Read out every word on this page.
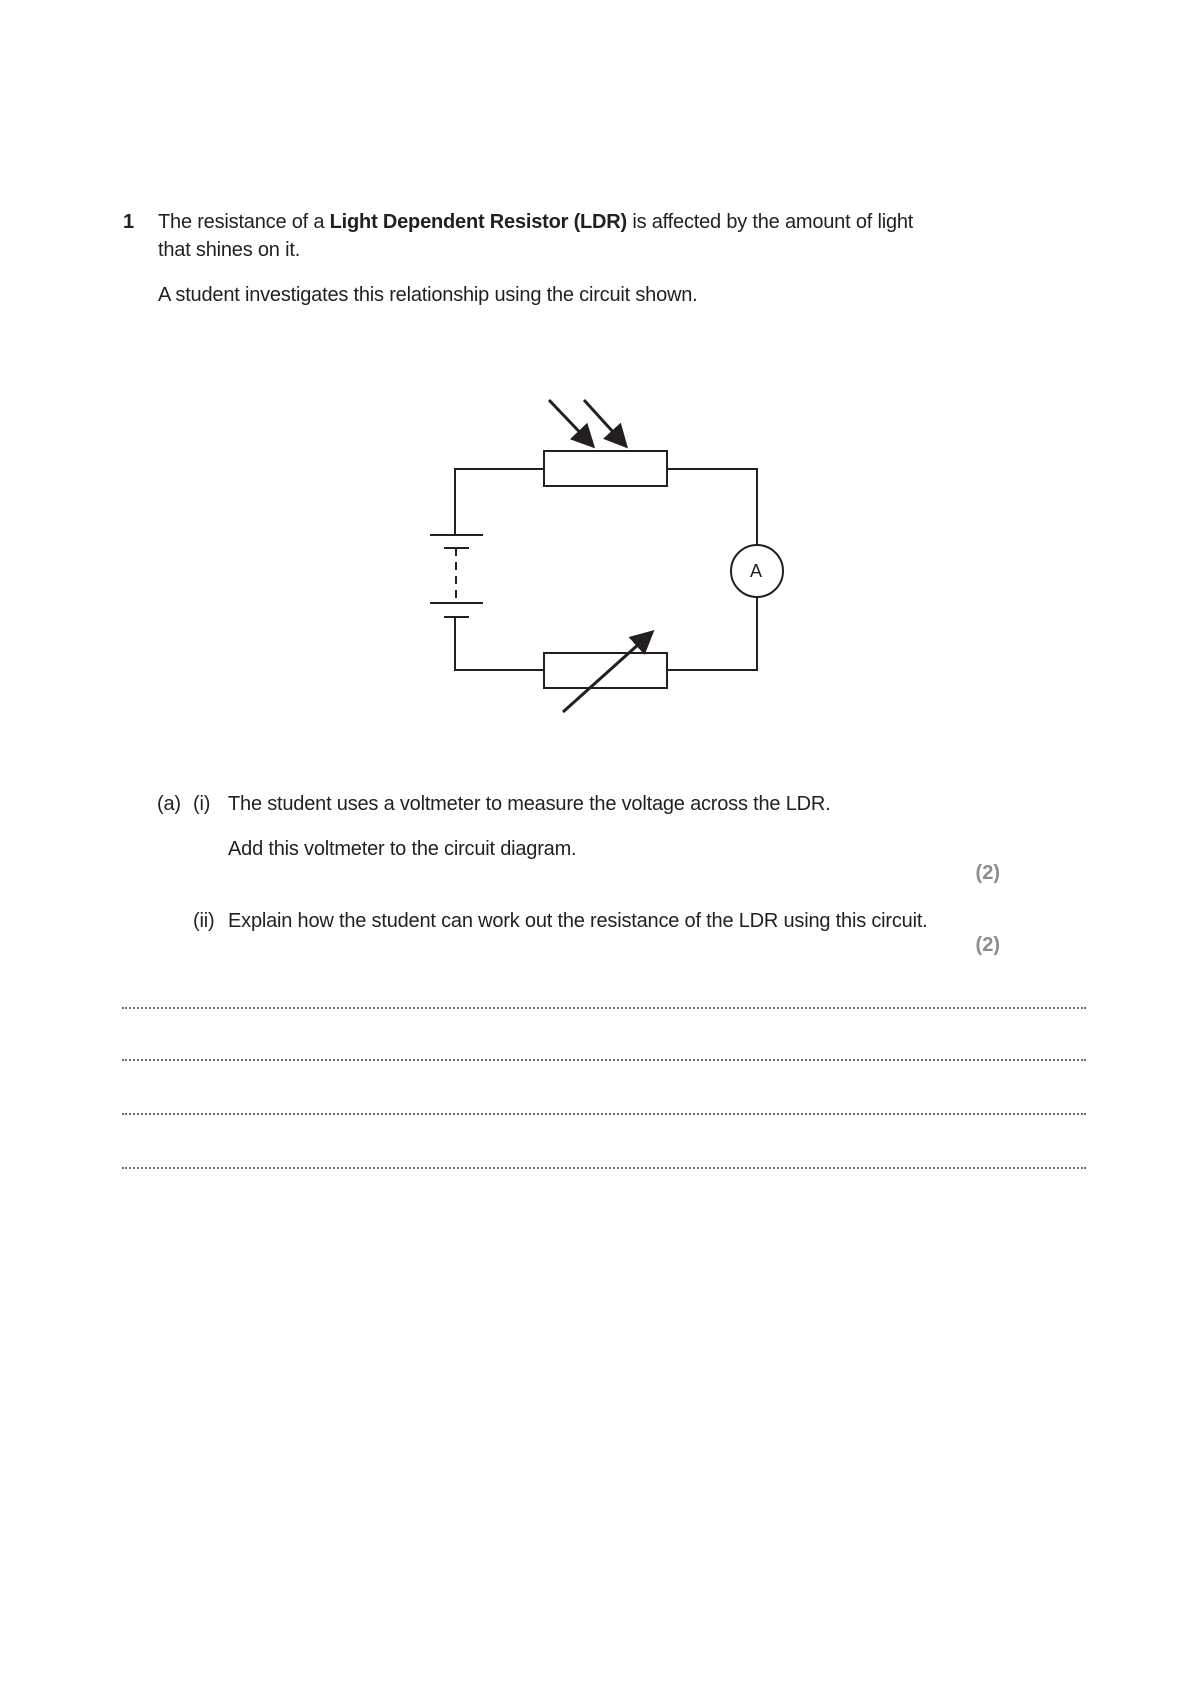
1 The resistance of a Light Dependent Resistor (LDR) is affected by the amount of light
that shines on it.
A student investigates this relationship using the circuit shown.
A
(a) (i) The student uses a voltmeter to measure the voltage across the LDR.
Add this voltmeter to the circuit diagram.
(2)
(ii) Explain how the student can work out the resistance of the LDR using this circuit.
(2)
